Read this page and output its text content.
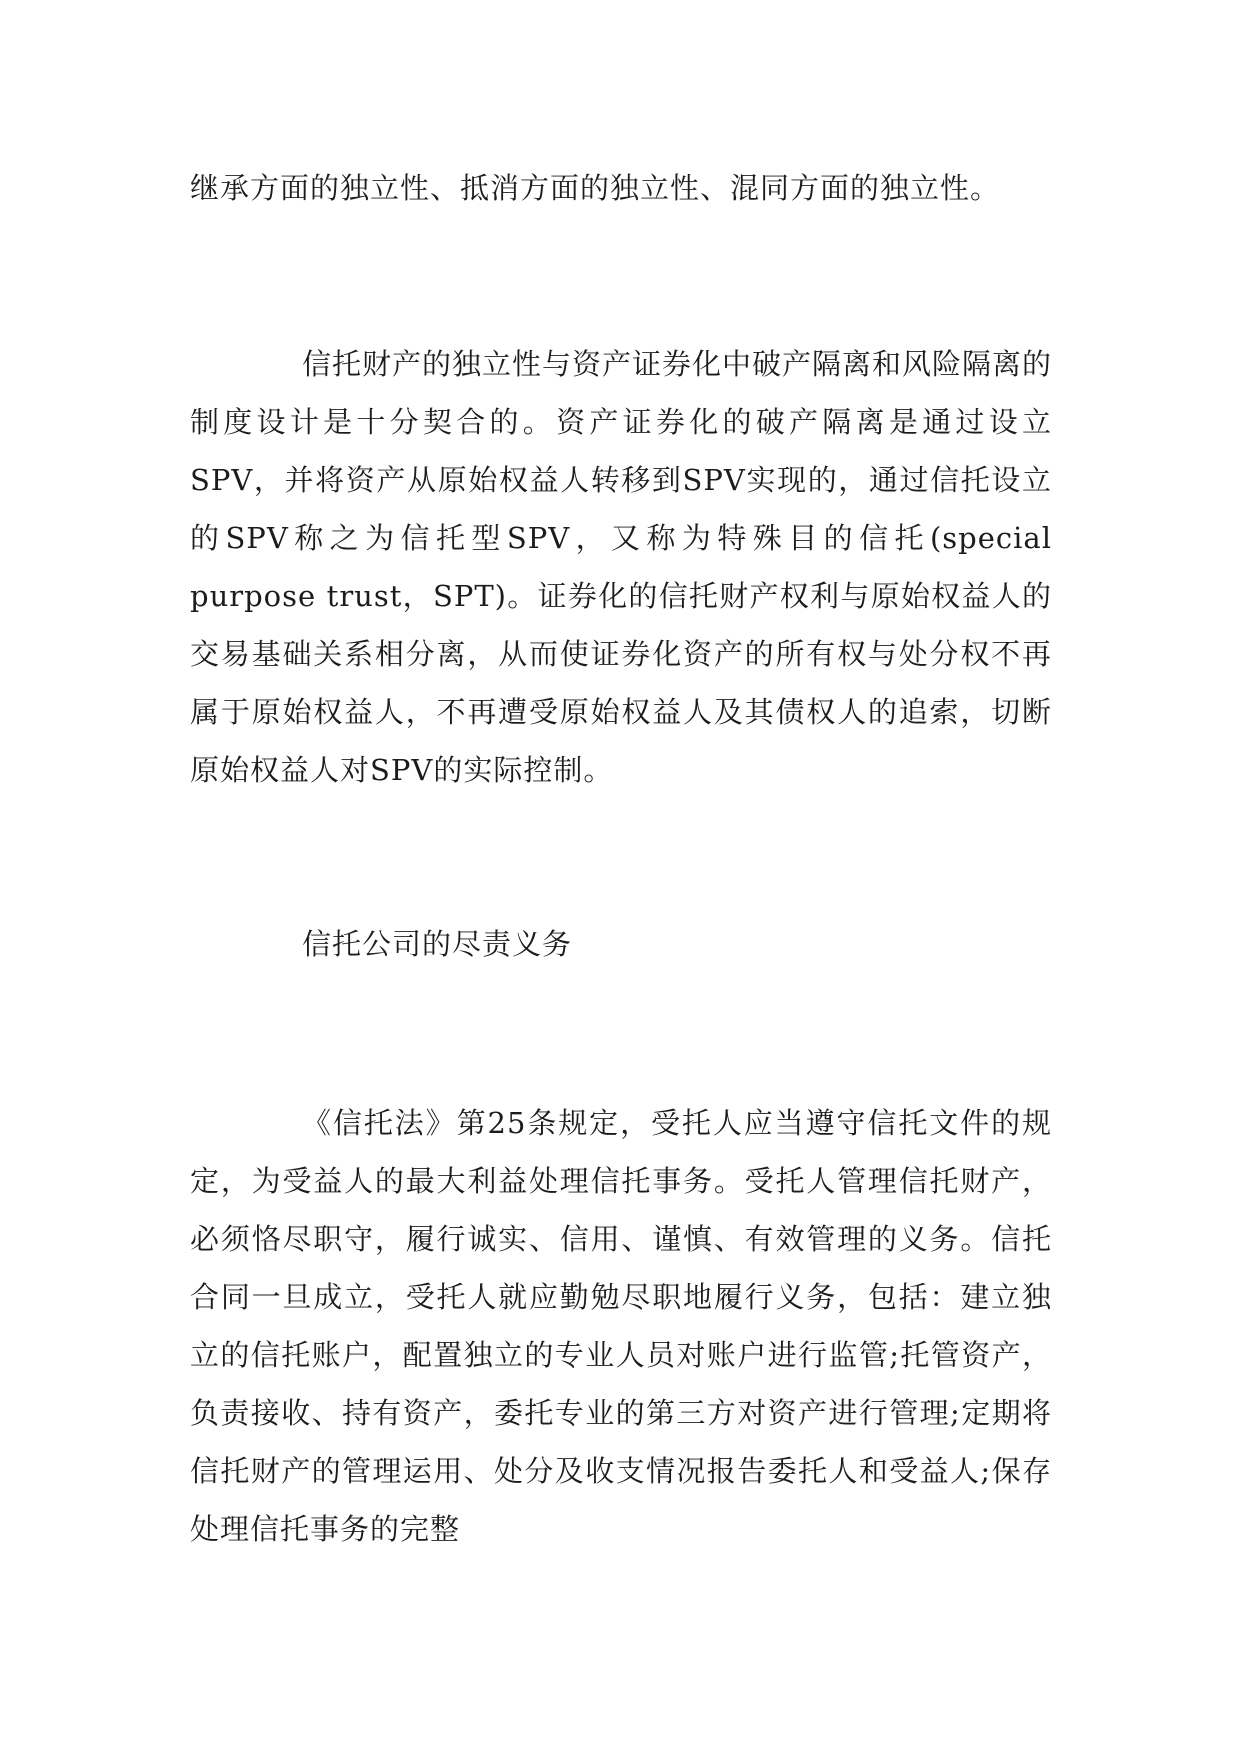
继承方面的独立性、抵消方面的独立性、混同方面的独立性。

信托财产的独立性与资产证券化中破产隔离和风险隔离的制度设计是十分契合的。资产证券化的破产隔离是通过设立SPV，并将资产从原始权益人转移到SPV实现的，通过信托设立的SPV称之为信托型SPV，又称为特殊目的信托(special purpose trust，SPT)。证券化的信托财产权利与原始权益人的交易基础关系相分离，从而使证券化资产的所有权与处分权不再属于原始权益人，不再遭受原始权益人及其债权人的追索，切断原始权益人对SPV的实际控制。

信托公司的尽责义务

《信托法》第25条规定，受托人应当遵守信托文件的规定，为受益人的最大利益处理信托事务。受托人管理信托财产，必须恪尽职守，履行诚实、信用、谨慎、有效管理的义务。信托合同一旦成立，受托人就应勤勉尽职地履行义务，包括：建立独立的信托账户，配置独立的专业人员对账户进行监管;托管资产，负责接收、持有资产，委托专业的第三方对资产进行管理;定期将信托财产的管理运用、处分及收支情况报告委托人和受益人;保存处理信托事务的完整
